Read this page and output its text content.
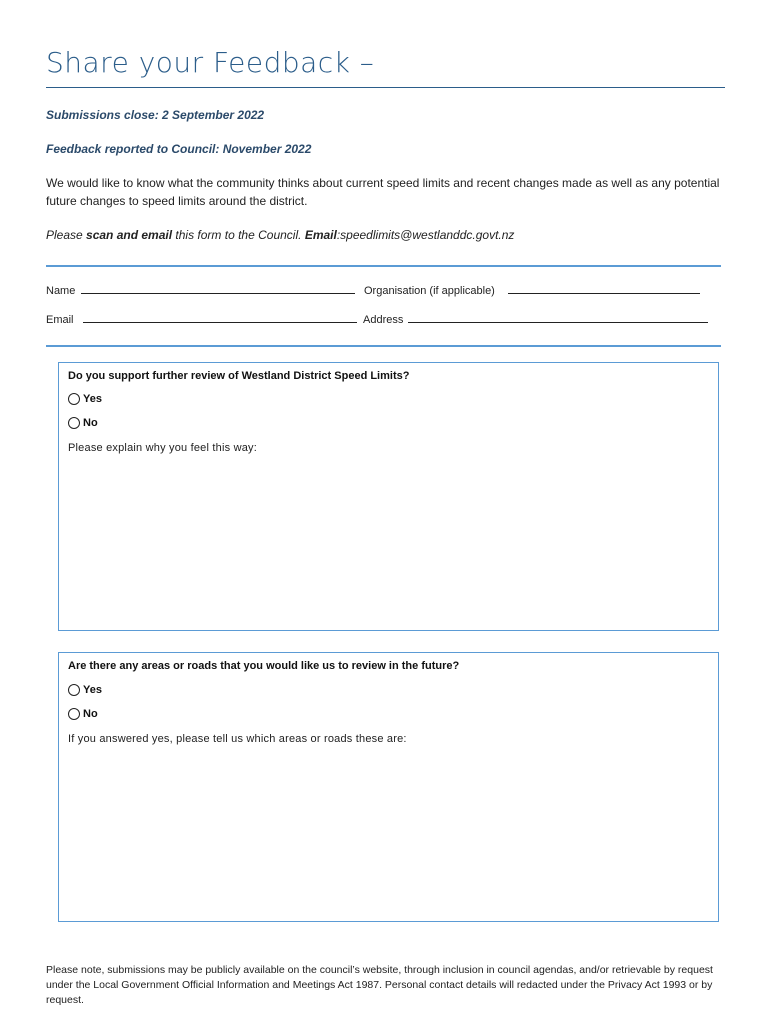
Share your Feedback –
Submissions close: 2 September 2022
Feedback reported to Council: November 2022
We would like to know what the community thinks about current speed limits and recent changes made as well as any potential future changes to speed limits around the district.
Please scan and email this form to the Council. Email:speedlimits@westlanddc.govt.nz
Name	Organisation (if applicable)
Email	Address
Do you support further review of Westland District Speed Limits?
Yes
No
Please explain why you feel this way:
Are there any areas or roads that you would like us to review in the future?
Yes
No
If you answered yes, please tell us which areas or roads these are:
Please note, submissions may be publicly available on the council’s website, through inclusion in council agendas, and/or retrievable by request under the Local Government Official Information and Meetings Act 1987. Personal contact details will redacted under the Privacy Act 1993 or by request.
